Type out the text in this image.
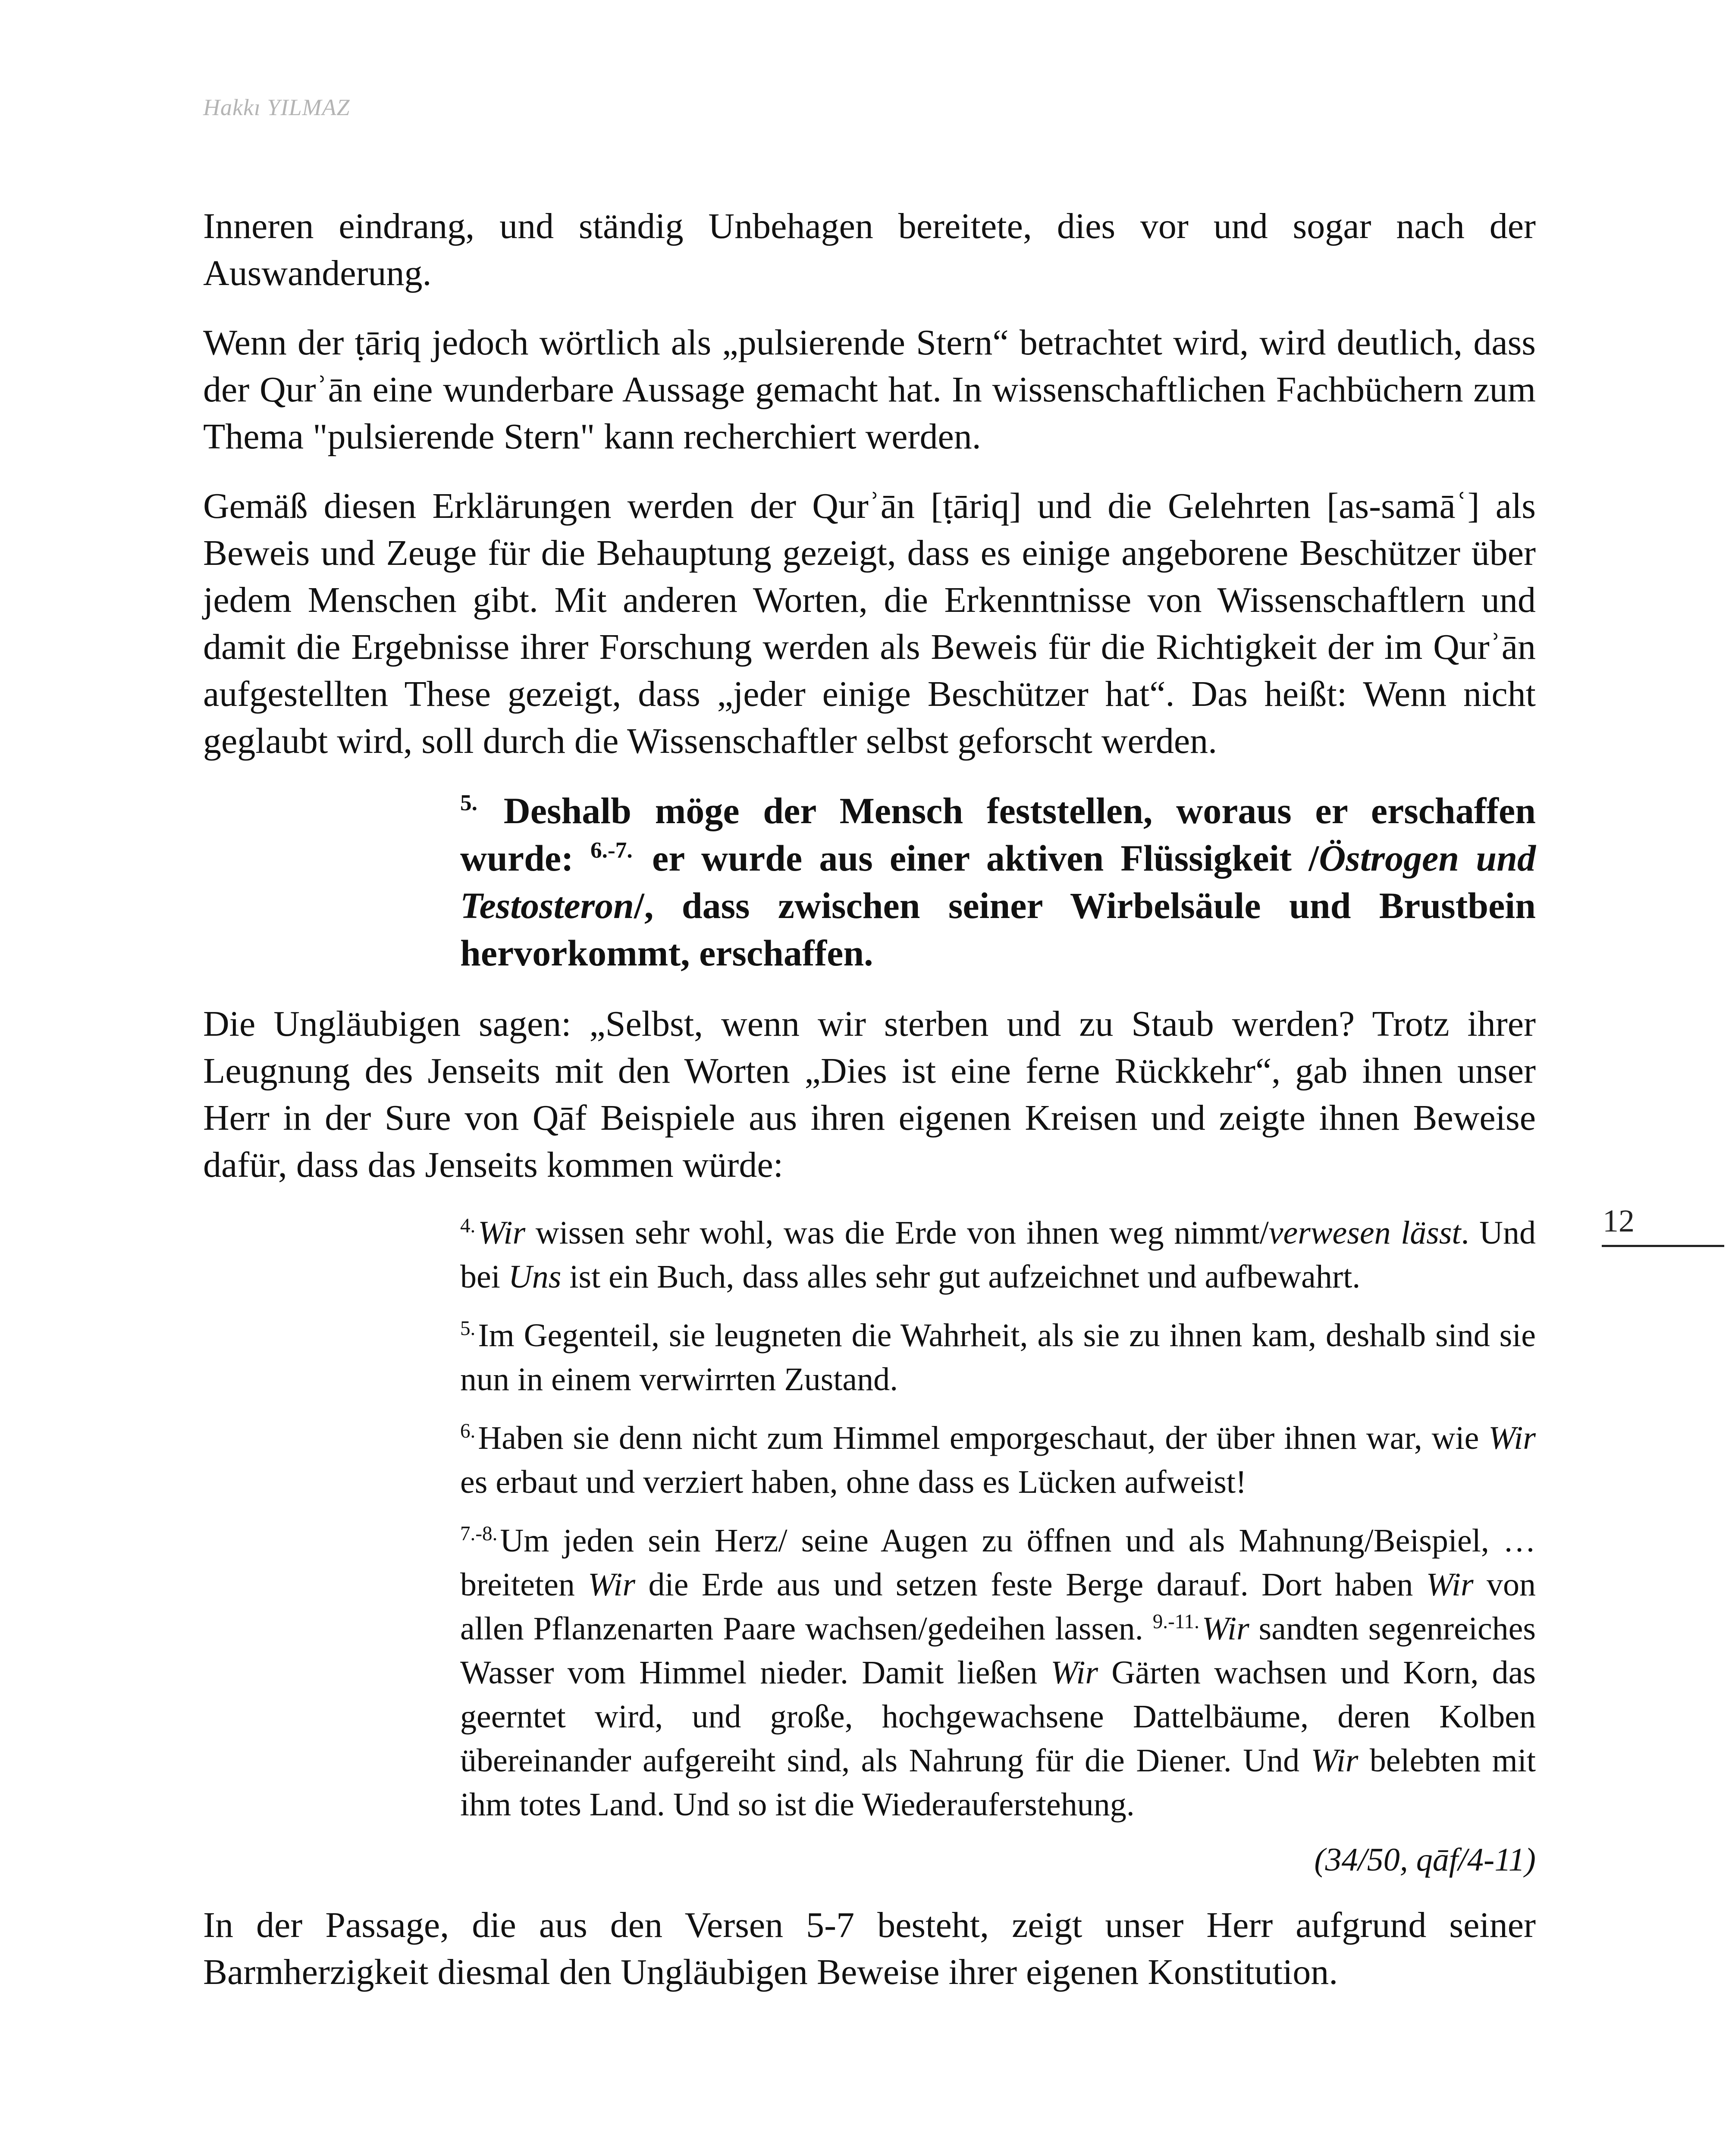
Hakkı YILMAZ
12

Inneren eindrang, und ständig Unbehagen bereitete, dies vor und sogar nach der Auswanderung.

Wenn der ṭāriq jedoch wörtlich als „pulsierende Stern“ betrachtet wird, wird deutlich, dass der Qurʾān eine wunderbare Aussage gemacht hat. In wissenschaftlichen Fachbüchern zum Thema "pulsierende Stern" kann recherchiert werden.

Gemäß diesen Erklärungen werden der Qurʾān [ṭāriq] und die Gelehrten [as-samāʿ] als Beweis und Zeuge für die Behauptung gezeigt, dass es einige angeborene Beschützer über jedem Menschen gibt. Mit anderen Worten, die Erkenntnisse von Wissenschaftlern und damit die Ergebnisse ihrer Forschung werden als Beweis für die Richtigkeit der im Qurʾān aufgestellten These gezeigt, dass „jeder einige Beschützer hat“. Das heißt: Wenn nicht geglaubt wird, soll durch die Wissenschaftler selbst geforscht werden.

$^{5.}$ Deshalb möge der Mensch feststellen, woraus er erschaffen wurde: $^{6.-7.}$ er wurde aus einer aktiven Flüssigkeit /Östrogen und Testosteron/, dass zwischen seiner Wirbelsäule und Brustbein hervorkommt, erschaffen.

Die Ungläubigen sagen: „Selbst, wenn wir sterben und zu Staub werden? Trotz ihrer Leugnung des Jenseits mit den Worten „Dies ist eine ferne Rückkehr“, gab ihnen unser Herr in der Sure von Qāf Beispiele aus ihren eigenen Kreisen und zeigte ihnen Beweise dafür, dass das Jenseits kommen würde:

$^{4.}$Wir wissen sehr wohl, was die Erde von ihnen weg nimmt/verwesen lässt. Und bei Uns ist ein Buch, dass alles sehr gut aufzeichnet und aufbewahrt.

$^{5.}$Im Gegenteil, sie leugneten die Wahrheit, als sie zu ihnen kam, deshalb sind sie nun in einem verwirrten Zustand.

$^{6.}$Haben sie denn nicht zum Himmel emporgeschaut, der über ihnen war, wie Wir es erbaut und verziert haben, ohne dass es Lücken aufweist!

$^{7.-8.}$Um jeden sein Herz/ seine Augen zu öffnen und als Mahnung/Beispiel, … breiteten Wir die Erde aus und setzen feste Berge darauf. Dort haben Wir von allen Pflanzenarten Paare wachsen/gedeihen lassen. $^{9.-11.}$Wir sandten segenreiches Wasser vom Himmel nieder. Damit ließen Wir Gärten wachsen und Korn, das geerntet wird, und große, hochgewachsene Dattelbäume, deren Kolben übereinander aufgereiht sind, als Nahrung für die Diener. Und Wir belebten mit ihm totes Land. Und so ist die Wiederauferstehung.

(34/50, qāf/4-11)

In der Passage, die aus den Versen 5-7 besteht, zeigt unser Herr aufgrund seiner Barmherzigkeit diesmal den Ungläubigen Beweise ihrer eigenen Konstitution.
